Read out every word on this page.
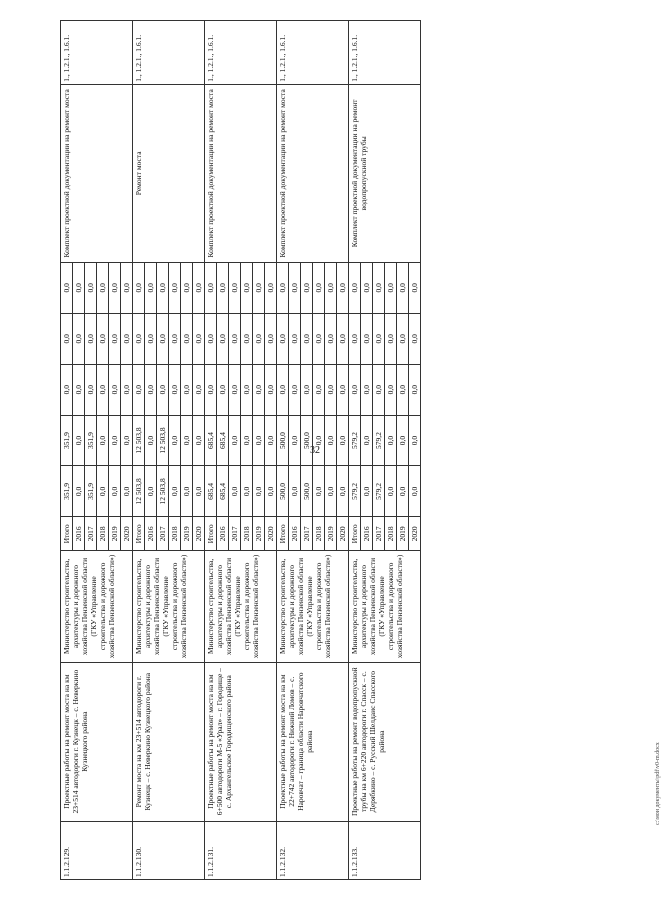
32
1.1.2.129.	Проектные работы на ремонт моста на км 23+514 автодороги г. Кузнецк – с. Неверкино Кузнецкого района	Министерство строительства, архитектуры и дорожного хозяйства Пензенской области (ГКУ «Управление строительства и дорожного хозяйства Пензенской области»)	Итого	351,9	351,9	0,0	0,0	0,0	Комплект проектной документации на ремонт моста	1., 1.2.1., 1.6.1.
			2016	0,0	0,0	0,0	0,0	0,0		
			2017	351,9	351,9	0,0	0,0	0,0		
			2018	0,0	0,0	0,0	0,0	0,0		
			2019	0,0	0,0	0,0	0,0	0,0		
			2020	0,0	0,0	0,0	0,0	0,0		
1.1.2.130.	Ремонт моста на км 23+514 автодороги г. Кузнецк – с. Неверкино Кузнецкого района	Министерство строительства, архитектуры и дорожного хозяйства Пензенской области (ГКУ «Управление строительства и дорожного хозяйства Пензенской области»)	Итого	12 503,8	12 503,8	0,0	0,0	0,0	Ремонт моста	1., 1.2.1., 1.6.1.
			2016	0,0	0,0	0,0	0,0	0,0		
			2017	12 503,8	12 503,8	0,0	0,0	0,0		
			2018	0,0	0,0	0,0	0,0	0,0		
			2019	0,0	0,0	0,0	0,0	0,0		
			2020	0,0	0,0	0,0	0,0	0,0		
1.1.2.131.	Проектные работы на ремонт моста на км 6+500 автодороги М-5 «Урал» – г. Городище – с. Архангельское Городищенского района	Министерство строительства, архитектуры и дорожного хозяйства Пензенской области (ГКУ «Управление строительства и дорожного хозяйства Пензенской области»)	Итого	685,4	685,4	0,0	0,0	0,0	Комплект проектной документации на ремонт моста	1., 1.2.1., 1.6.1.
			2016	685,4	685,4	0,0	0,0	0,0		
			2017	0,0	0,0	0,0	0,0	0,0		
			2018	0,0	0,0	0,0	0,0	0,0		
			2019	0,0	0,0	0,0	0,0	0,0		
			2020	0,0	0,0	0,0	0,0	0,0		
1.1.2.132.	Проектные работы на ремонт моста на км 22+742 автодороги г. Нижний Ломов – с. Наровчат – граница области Наровчатского района	Министерство строительства, архитектуры и дорожного хозяйства Пензенской области (ГКУ «Управление строительства и дорожного хозяйства Пензенской области»)	Итого	500,0	500,0	0,0	0,0	0,0	Комплект проектной документации на ремонт моста	1., 1.2.1., 1.6.1.
			2016	0,0	0,0	0,0	0,0	0,0		
			2017	500,0	500,0	0,0	0,0	0,0		
			2018	0,0	0,0	0,0	0,0	0,0		
			2019	0,0	0,0	0,0	0,0	0,0		
			2020	0,0	0,0	0,0	0,0	0,0		
1.1.2.133.	Проектные работы на ремонт водопропускной трубы на км 6+220 автодороги г. Спасск – с. Дерябкино – с. Русский Шелдаис Спасского района	Министерство строительства, архитектуры и дорожного хозяйства Пензенской области (ГКУ «Управление строительства и дорожного хозяйства Пензенской области»)	Итого	579,2	579,2	0,0	0,0	0,0	Комплект проектной документации на ремонт водопропускной трубы	1., 1.2.1., 1.6.1.
			2016	0,0	0,0	0,0	0,0	0,0		
			2017	579,2	579,2	0,0	0,0	0,0		
			2018	0,0	0,0	0,0	0,0	0,0		
			2019	0,0	0,0	0,0	0,0	0,0		
			2020	0,0	0,0	0,0	0,0	0,0		
c:\мои документы\pdf\v0-m.docx
